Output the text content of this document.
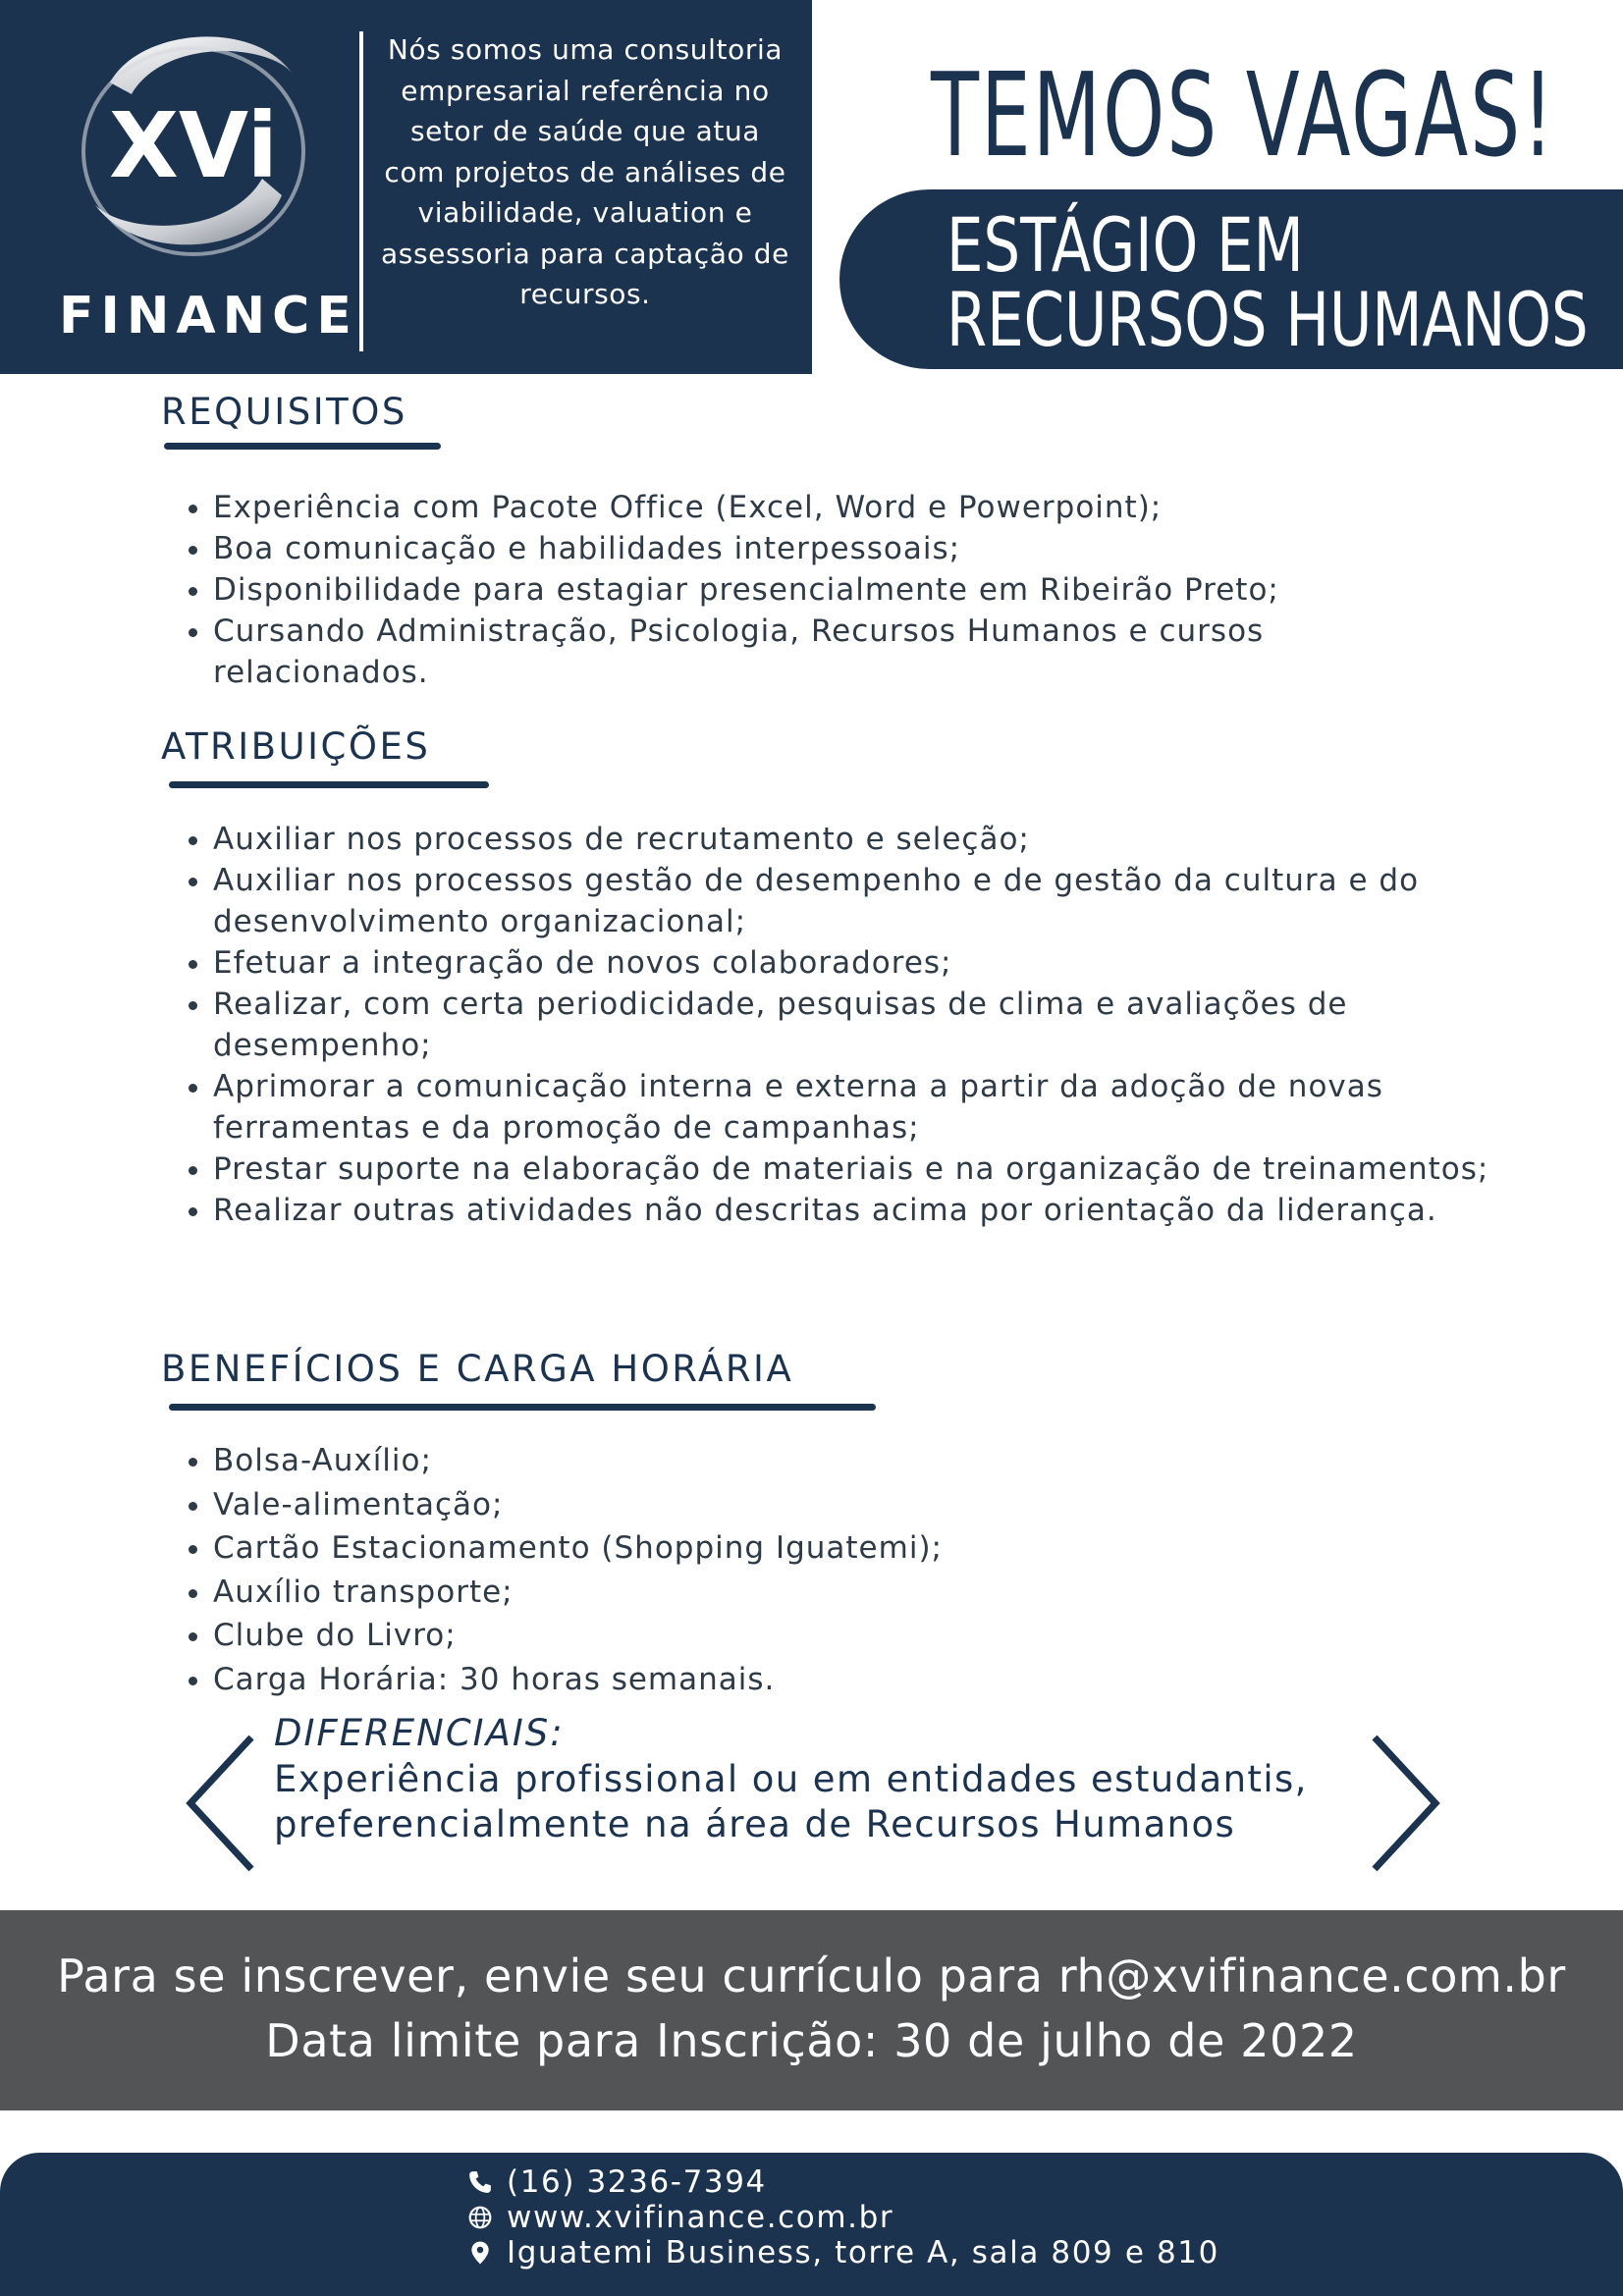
XVi
FINANCE
Nós somos uma consultoria empresarial referência no setor de saúde que atua com projetos de análises de viabilidade, valuation e assessoria para captação de recursos.
TEMOS VAGAS!
ESTÁGIO EM
RECURSOS HUMANOS
REQUISITOS
• Experiência com Pacote Office (Excel, Word e Powerpoint);
• Boa comunicação e habilidades interpessoais;
• Disponibilidade para estagiar presencialmente em Ribeirão Preto;
• Cursando Administração, Psicologia, Recursos Humanos e cursos relacionados.
ATRIBUIÇÕES
• Auxiliar nos processos de recrutamento e seleção;
• Auxiliar nos processos gestão de desempenho e de gestão da cultura e do desenvolvimento organizacional;
• Efetuar a integração de novos colaboradores;
• Realizar, com certa periodicidade, pesquisas de clima e avaliações de desempenho;
• Aprimorar a comunicação interna e externa a partir da adoção de novas ferramentas e da promoção de campanhas;
• Prestar suporte na elaboração de materiais e na organização de treinamentos;
• Realizar outras atividades não descritas acima por orientação da liderança.
BENEFÍCIOS E CARGA HORÁRIA
• Bolsa-Auxílio;
• Vale-alimentação;
• Cartão Estacionamento (Shopping Iguatemi);
• Auxílio transporte;
• Clube do Livro;
• Carga Horária: 30 horas semanais.
DIFERENCIAIS:
Experiência profissional ou em entidades estudantis, preferencialmente na área de Recursos Humanos
Para se inscrever, envie seu currículo para rh@xvifinance.com.br
Data limite para Inscrição: 30 de julho de 2022
(16) 3236-7394
www.xvifinance.com.br
Iguatemi Business, torre A, sala 809 e 810
